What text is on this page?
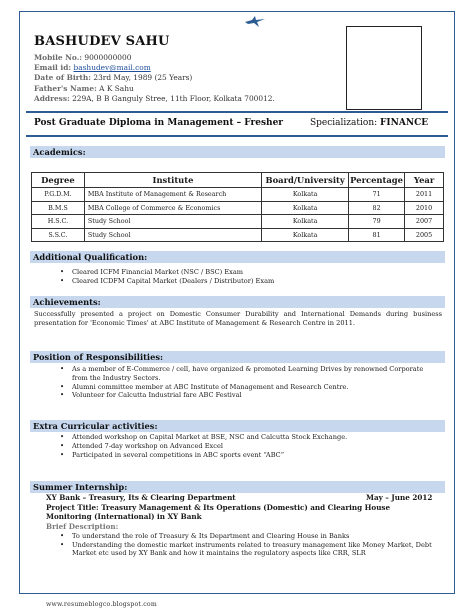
BASHUDEV SAHU
Mobile No.: 9000000000
Email id: bashudev@mail.com
Date of Birth: 23rd May, 1989 (25 Years)
Father's Name: A K Sahu
Address: 229A, B B Ganguly Stree, 11th Floor, Kolkata 700012.
Post Graduate Diploma in Management – Fresher	Specialization: FINANCE
Academics:
Degree	Institute	Board/University	Percentage	Year
P.G.D.M.	MBA Institute of Management & Research	Kolkata	71	2011
B.M.S	MBA College of Commerce & Economics	Kolkata	82	2010
H.S.C.	Study School	Kolkata	79	2007
S.S.C.	Study School	Kolkata	81	2005
Additional Qualification:
• Cleared ICFM Financial Market (NSC / BSC) Exam
• Cleared ICDFM Capital Market (Dealers / Distributor) Exam
Achievements:
Successfully presented a project on Domestic Consumer Durability and International Demands during business presentation for 'Economic Times' at ABC Institute of Management & Research Centre in 2011.
Position of Responsibilities:
• As a member of E-Commerce / cell, have organized & promoted Learning Drives by renowned Corporate from the Industry Sectors.
• Alumni committee member at ABC Institute of Management and Research Centre.
• Volunteer for Calcutta Industrial fare ABC Festival
Extra Curricular activities:
• Attended workshop on Capital Market at BSE, NSC and Calcutta Stock Exchange.
• Attended 7-day workshop on Advanced Excel
• Participated in several competitions in ABC sports event “ABC”
Summer Internship:
XY Bank – Treasury, Its & Clearing Department	May – June 2012
Project Title: Treasury Management & Its Operations (Domestic) and Clearing House Monitoring (International) in XY Bank
Brief Description:
• To understand the role of Treasury & Its Department and Clearing House in Banks
• Understanding the domestic market instruments related to treasury management like Money Market, Debt Market etc used by XY Bank and how it maintains the regulatory aspects like CRR, SLR
www.resumeblogco.blogspot.com
